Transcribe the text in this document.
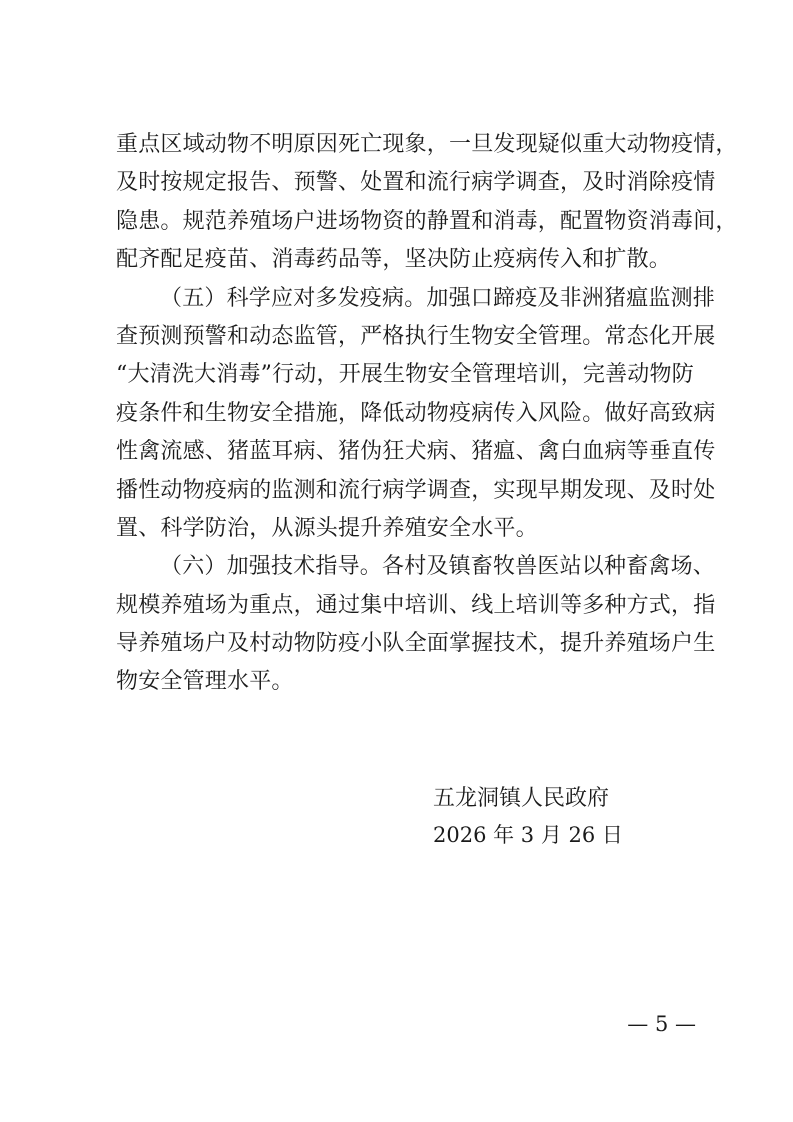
重点区域动物不明原因死亡现象，一旦发现疑似重大动物疫情，
及时按规定报告、预警、处置和流行病学调查，及时消除疫情
隐患。规范养殖场户进场物资的静置和消毒，配置物资消毒间，
配齐配足疫苗、消毒药品等，坚决防止疫病传入和扩散。
（五）科学应对多发疫病。加强口蹄疫及非洲猪瘟监测排
查预测预警和动态监管，严格执行生物安全管理。常态化开展
“大清洗大消毒”行动，开展生物安全管理培训，完善动物防
疫条件和生物安全措施，降低动物疫病传入风险。做好高致病
性禽流感、猪蓝耳病、猪伪狂犬病、猪瘟、禽白血病等垂直传
播性动物疫病的监测和流行病学调查，实现早期发现、及时处
置、科学防治，从源头提升养殖安全水平。
（六）加强技术指导。各村及镇畜牧兽医站以种畜禽场、
规模养殖场为重点，通过集中培训、线上培训等多种方式，指
导养殖场户及村动物防疫小队全面掌握技术，提升养殖场户生
物安全管理水平。
五龙洞镇人民政府
2026 年 3 月 26 日
— 5 —
